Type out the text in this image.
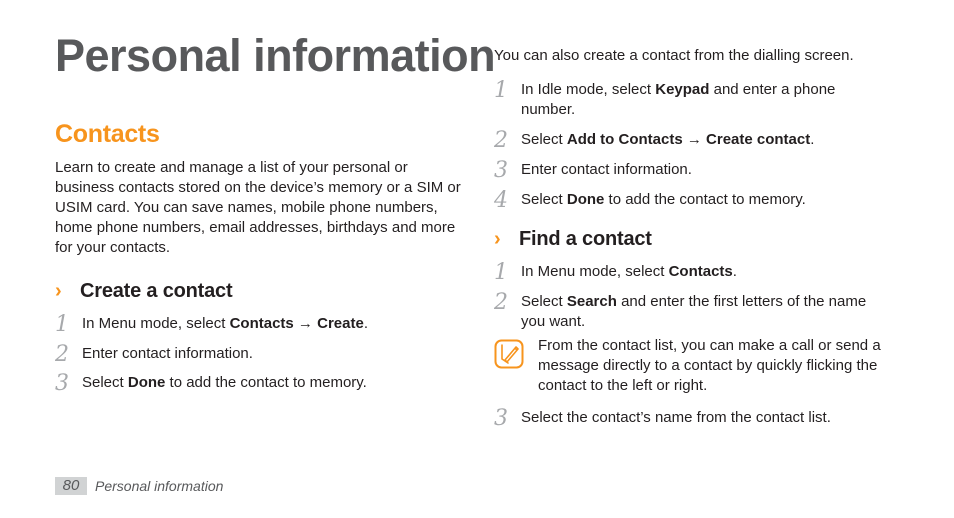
Personal information
Contacts
Learn to create and manage a list of your personal or business contacts stored on the device’s memory or a SIM or USIM card. You can save names, mobile phone numbers, home phone numbers, email addresses, birthdays and more for your contacts.
› Create a contact
1 In Menu mode, select Contacts → Create.
2 Enter contact information.
3 Select Done to add the contact to memory.
You can also create a contact from the dialling screen.
1 In Idle mode, select Keypad and enter a phone number.
2 Select Add to Contacts → Create contact.
3 Enter contact information.
4 Select Done to add the contact to memory.
› Find a contact
1 In Menu mode, select Contacts.
2 Select Search and enter the first letters of the name you want.
From the contact list, you can make a call or send a message directly to a contact by quickly flicking the contact to the left or right.
3 Select the contact’s name from the contact list.
80	Personal information
